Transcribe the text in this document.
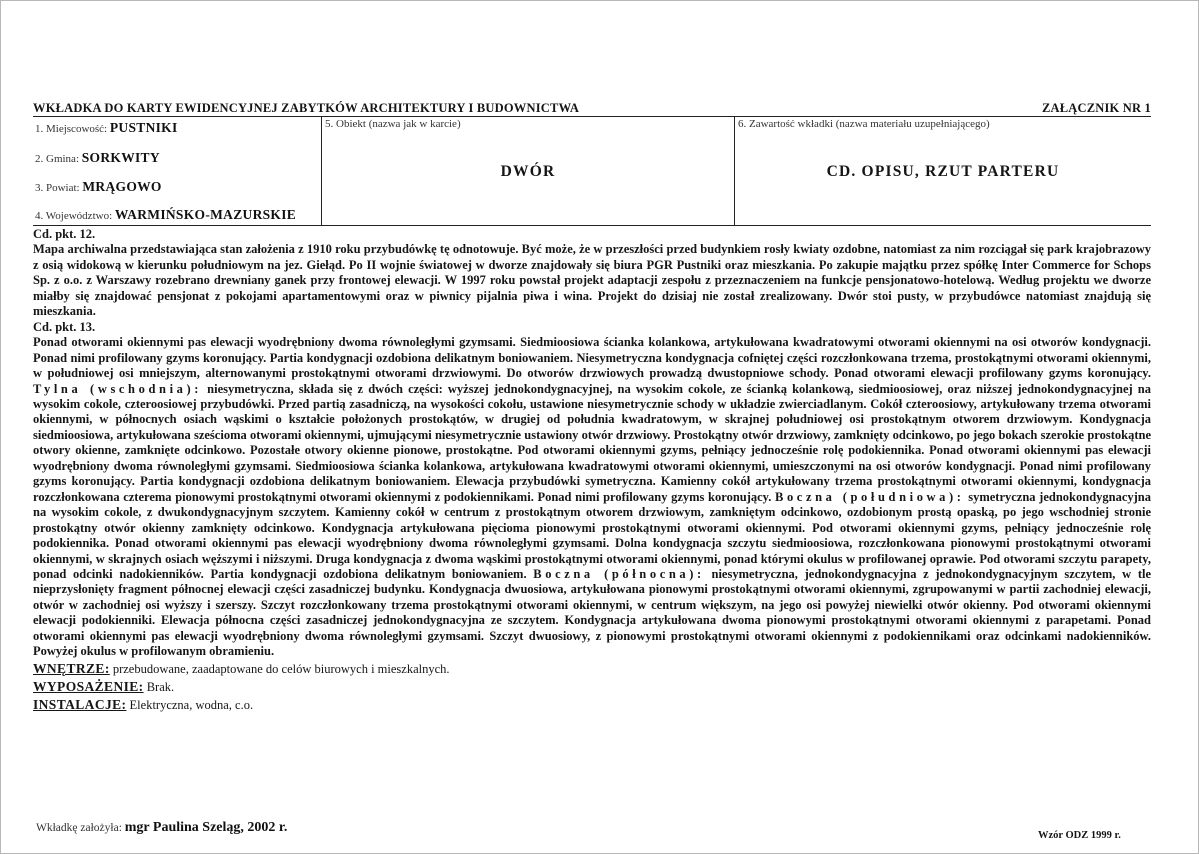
WKŁADKA DO KARTY EWIDENCYJNEJ ZABYTKÓW ARCHITEKTURY I BUDOWNICTWA	ZAŁĄCZNIK NR 1
1. Miejscowość: PUSTNIKI
2. Gmina: SORKWITY
3. Powiat: MRĄGOWO
4. Województwo: WARMIŃSKO-MAZURSKIE
5. Obiekt (nazwa jak w karcie)
DWÓR
6. Zawartość wkładki (nazwa materiału uzupełniającego)
CD. OPISU, RZUT PARTERU

Cd. pkt. 12.

Mapa archiwalna przedstawiająca stan założenia z 1910 roku przybudówkę tę odnotowuje. Być może, że w przeszłości przed budynkiem rosły kwiaty ozdobne, natomiast za nim rozciągał się park krajobrazowy z osią widokową w kierunku południowym na jez. Giełąd. Po II wojnie światowej w dworze znajdowały się biura PGR Pustniki oraz mieszkania. Po zakupie majątku przez spółkę Inter Commerce for Schops Sp. z o.o. z Warszawy rozebrano drewniany ganek przy frontowej elewacji. W 1997 roku powstał projekt adaptacji zespołu z przeznaczeniem na funkcje pensjonatowo-hotelową. Według projektu we dworze miałby się znajdować pensjonat z pokojami apartamentowymi oraz w piwnicy pijalnia piwa i wina. Projekt do dzisiaj nie został zrealizowany. Dwór stoi pusty, w przybudówce natomiast znajdują się mieszkania.

Cd. pkt. 13.

Ponad otworami okiennymi pas elewacji wyodrębniony dwoma równoległymi gzymsami. Siedmioosiowa ścianka kolankowa, artykułowana kwadratowymi otworami okiennymi na osi otworów kondygnacji. Ponad nimi profilowany gzyms koronujący. Partia kondygnacji ozdobiona delikatnym boniowaniem. Niesymetryczna kondygnacja cofniętej części rozczłonkowana trzema, prostokątnymi otworami okiennymi, w południowej osi mniejszym, alternowanymi prostokątnymi otworami drzwiowymi. Do otworów drzwiowych prowadzą dwustopniowe schody. Ponad otworami elewacji profilowany gzyms koronujący. Tylna (wschodnia): niesymetryczna, składa się z dwóch części: wyższej jednokondygnacyjnej, na wysokim cokole, ze ścianką kolankową, siedmioosiowej, oraz niższej jednokondygnacyjnej na wysokim cokole, czteroosiowej przybudówki. Przed partią zasadniczą, na wysokości cokołu, ustawione niesymetrycznie schody w układzie zwierciadlanym. Cokół czteroosiowy, artykułowany trzema otworami okiennymi, w północnych osiach wąskimi o kształcie położonych prostokątów, w drugiej od południa kwadratowym, w skrajnej południowej osi prostokątnym otworem drzwiowym. Kondygnacja siedmioosiowa, artykułowana sześcioma otworami okiennymi, ujmującymi niesymetrycznie ustawiony otwór drzwiowy. Prostokątny otwór drzwiowy, zamknięty odcinkowo, po jego bokach szerokie prostokątne otwory okienne, zamknięte odcinkowo. Pozostałe otwory okienne pionowe, prostokątne. Pod otworami okiennymi gzyms, pełniący jednocześnie rolę podokiennika. Ponad otworami okiennymi pas elewacji wyodrębniony dwoma równoległymi gzymsami. Siedmioosiowa ścianka kolankowa, artykułowana kwadratowymi otworami okiennymi, umieszczonymi na osi otworów kondygnacji. Ponad nimi profilowany gzyms koronujący. Partia kondygnacji ozdobiona delikatnym boniowaniem. Elewacja przybudówki symetryczna. Kamienny cokół artykułowany trzema prostokątnymi otworami okiennymi, kondygnacja rozczłonkowana czterema pionowymi prostokątnymi otworami okiennymi z podokiennikami. Ponad nimi profilowany gzyms koronujący. Boczna (południowa): symetryczna jednokondygnacyjna na wysokim cokole, z dwukondygnacyjnym szczytem. Kamienny cokół w centrum z prostokątnym otworem drzwiowym, zamkniętym odcinkowo, ozdobionym prostą opaską, po jego wschodniej stronie prostokątny otwór okienny zamknięty odcinkowo. Kondygnacja artykułowana pięcioma pionowymi prostokątnymi otworami okiennymi. Pod otworami okiennymi gzyms, pełniący jednocześnie rolę podokiennika. Ponad otworami okiennymi pas elewacji wyodrębniony dwoma równoległymi gzymsami. Dolna kondygnacja szczytu siedmioosiowa, rozczłonkowana pionowymi prostokątnymi otworami okiennymi, w skrajnych osiach węższymi i niższymi. Druga kondygnacja z dwoma wąskimi prostokątnymi otworami okiennymi, ponad którymi okulus w profilowanej oprawie. Pod otworami szczytu parapety, ponad odcinki nadokienników. Partia kondygnacji ozdobiona delikatnym boniowaniem. Boczna (północna): niesymetryczna, jednokondygnacyjna z jednokondygnacyjnym szczytem, w tle nieprzysłonięty fragment północnej elewacji części zasadniczej budynku. Kondygnacja dwuosiowa, artykułowana pionowymi prostokątnymi otworami okiennymi, zgrupowanymi w partii zachodniej elewacji, otwór w zachodniej osi wyższy i szerszy. Szczyt rozczłonkowany trzema prostokątnymi otworami okiennymi, w centrum większym, na jego osi powyżej niewielki otwór okienny. Pod otworami okiennymi elewacji podokienniki. Elewacja północna części zasadniczej jednokondygnacyjna ze szczytem. Kondygnacja artykułowana dwoma pionowymi prostokątnymi otworami okiennymi z parapetami. Ponad otworami okiennymi pas elewacji wyodrębniony dwoma równoległymi gzymsami. Szczyt dwuosiowy, z pionowymi prostokątnymi otworami okiennymi z podokiennikami oraz odcinkami nadokienników. Powyżej okulus w profilowanym obramieniu.

WNĘTRZE: przebudowane, zaadaptowane do celów biurowych i mieszkalnych.
WYPOSAŻENIE: Brak.
INSTALACJE: Elektryczna, wodna, c.o.
Wkładkę założyła: mgr Paulina Szeląg, 2002 r.
Wzór ODZ 1999 r.
